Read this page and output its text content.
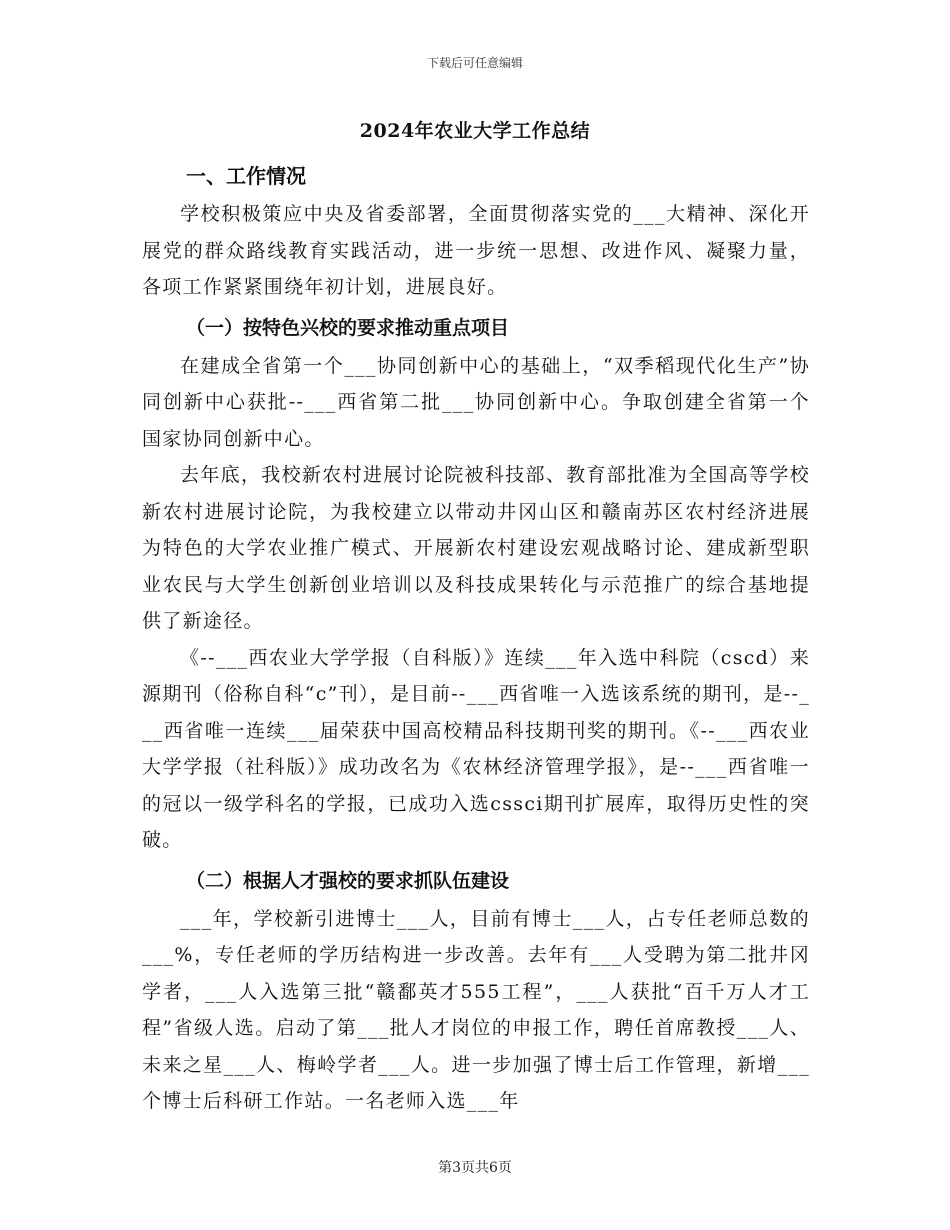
下载后可任意编辑
2024年农业大学工作总结
一、工作情况

学校积极策应中央及省委部署，全面贯彻落实党的___大精神、深化开展党的群众路线教育实践活动，进一步统一思想、改进作风、凝聚力量，各项工作紧紧围绕年初计划，进展良好。

（一）按特色兴校的要求推动重点项目

在建成全省第一个___协同创新中心的基础上，“双季稻现代化生产”协同创新中心获批--___西省第二批___协同创新中心。争取创建全省第一个国家协同创新中心。

去年底，我校新农村进展讨论院被科技部、教育部批准为全国高等学校新农村进展讨论院，为我校建立以带动井冈山区和赣南苏区农村经济进展为特色的大学农业推广模式、开展新农村建设宏观战略讨论、建成新型职业农民与大学生创新创业培训以及科技成果转化与示范推广的综合基地提供了新途径。

《--___西农业大学学报（自科版）》连续___年入选中科院（cscd）来源期刊（俗称自科“c”刊），是目前--___西省唯一入选该系统的期刊，是--___西省唯一连续___届荣获中国高校精品科技期刊奖的期刊。《--___西农业大学学报（社科版）》成功改名为《农林经济管理学报》，是--___西省唯一的冠以一级学科名的学报，已成功入选cssci期刊扩展库，取得历史性的突破。

（二）根据人才强校的要求抓队伍建设

___年，学校新引进博士___人，目前有博士___人，占专任老师总数的___%，专任老师的学历结构进一步改善。去年有___人受聘为第二批井冈学者，___人入选第三批“赣鄱英才555工程”，___人获批“百千万人才工程”省级人选。启动了第___批人才岗位的申报工作，聘任首席教授___人、未来之星___人、梅岭学者___人。进一步加强了博士后工作管理，新增___个博士后科研工作站。一名老师入选___年

第3页共6页
